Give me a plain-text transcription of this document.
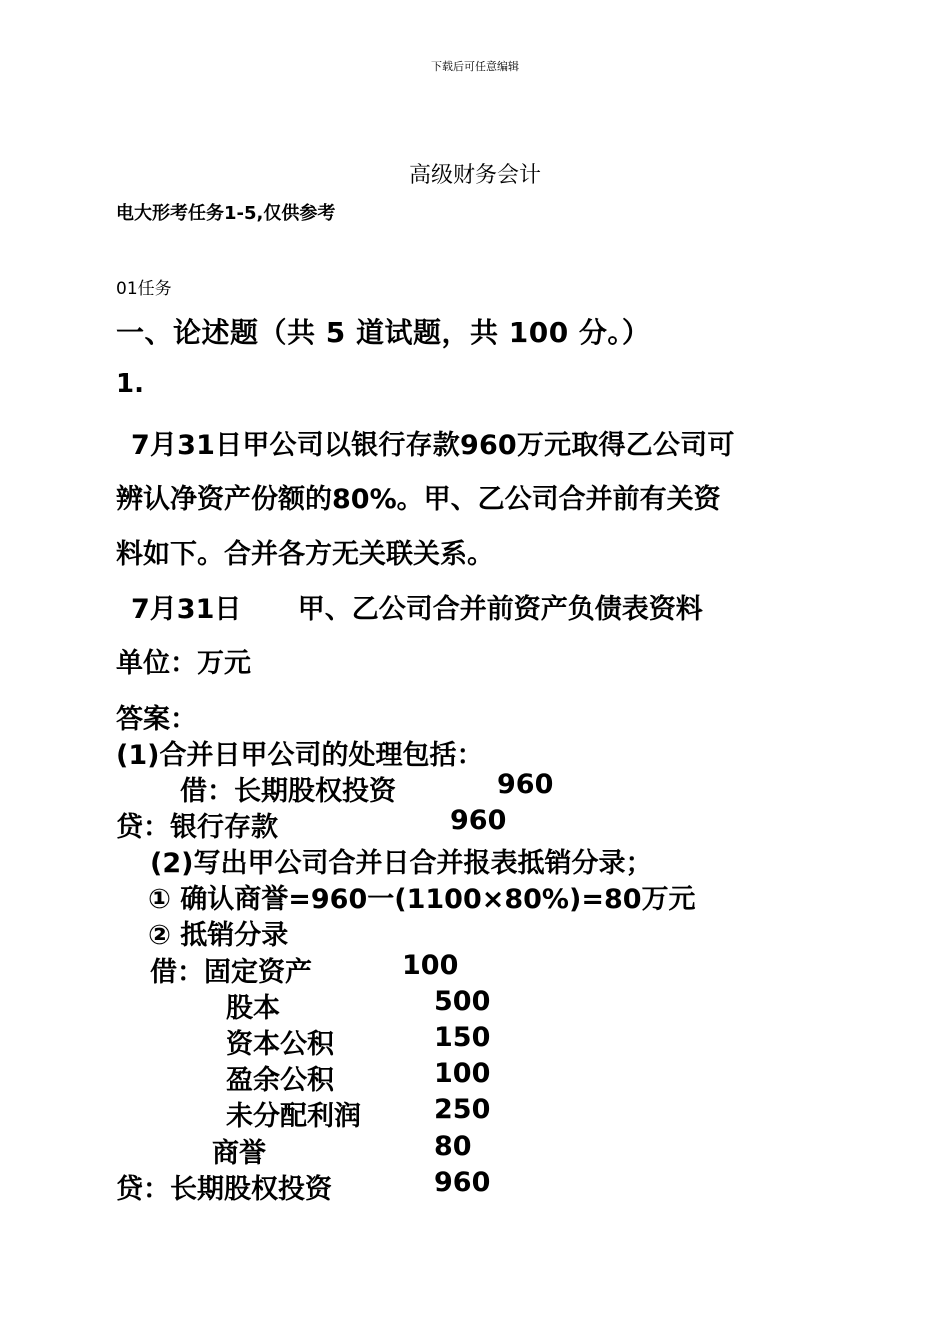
下载后可任意编辑
高级财务会计
电大形考任务1-5,仅供参考
01任务
一、论述题（共 5 道试题，共 100 分。）
1.
7月31日甲公司以银行存款960万元取得乙公司可
辨认净资产份额的80%。甲、乙公司合并前有关资
料如下。合并各方无关联关系。
7月31日      甲、乙公司合并前资产负债表资料
单位：万元
答案：
(1)合并日甲公司的处理包括：
借：长期股权投资	960
贷：银行存款	960
(2)写出甲公司合并日合并报表抵销分录；
① 确认商誉=960一(1100×80%)=80万元
② 抵销分录
借：固定资产	100
股本	500
资本公积	150
盈余公积	100
未分配利润	250
商誉	80
贷：长期股权投资	960
